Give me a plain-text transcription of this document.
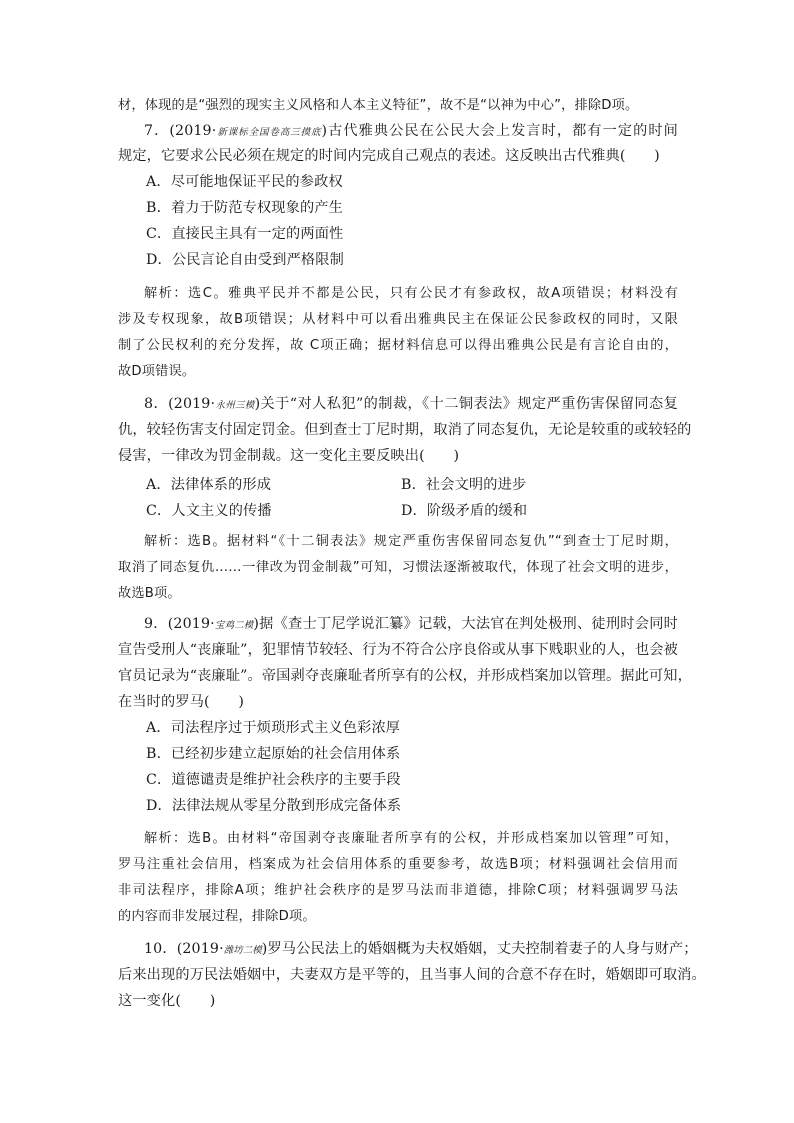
材，体现的是“强烈的现实主义风格和人本主义特征”，故不是“以神为中心”，排除D项。
7．(2019·新课标全国卷高三摸底)古代雅典公民在公民大会上发言时，都有一定的时间
规定，它要求公民必须在规定的时间内完成自己观点的表述。这反映出古代雅典(　　)
A．尽可能地保证平民的参政权
B．着力于防范专权现象的产生
C．直接民主具有一定的两面性
D．公民言论自由受到严格限制
解析：选C。雅典平民并不都是公民，只有公民才有参政权，故A项错误；材料没有
涉及专权现象，故B项错误；从材料中可以看出雅典民主在保证公民参政权的同时，又限
制了公民权利的充分发挥，故 C项正确；据材料信息可以得出雅典公民是有言论自由的，
故D项错误。
8．(2019·永州三模)关于“对人私犯”的制裁，《十二铜表法》规定严重伤害保留同态复
仇，较轻伤害支付固定罚金。但到查士丁尼时期，取消了同态复仇，无论是较重的或较轻的
侵害，一律改为罚金制裁。这一变化主要反映出(　　)
A．法律体系的形成	B．社会文明的进步
C．人文主义的传播	D．阶级矛盾的缓和
解析：选B。据材料“《十二铜表法》规定严重伤害保留同态复仇”“到查士丁尼时期，
取消了同态复仇……一律改为罚金制裁”可知，习惯法逐渐被取代，体现了社会文明的进步，
故选B项。
9．(2019·宝鸡二模)据《查士丁尼学说汇纂》记载，大法官在判处极刑、徒刑时会同时
宣告受刑人“丧廉耻”，犯罪情节较轻、行为不符合公序良俗或从事下贱职业的人，也会被
官员记录为“丧廉耻”。帝国剥夺丧廉耻者所享有的公权，并形成档案加以管理。据此可知，
在当时的罗马(　　)
A．司法程序过于烦琐形式主义色彩浓厚
B．已经初步建立起原始的社会信用体系
C．道德谴责是维护社会秩序的主要手段
D．法律法规从零星分散到形成完备体系
解析：选B。由材料“帝国剥夺丧廉耻者所享有的公权，并形成档案加以管理”可知，
罗马注重社会信用，档案成为社会信用体系的重要参考，故选B项；材料强调社会信用而
非司法程序，排除A项；维护社会秩序的是罗马法而非道德，排除C项；材料强调罗马法
的内容而非发展过程，排除D项。
10．(2019·潍坊二模)罗马公民法上的婚姻概为夫权婚姻，丈夫控制着妻子的人身与财产；
后来出现的万民法婚姻中，夫妻双方是平等的，且当事人间的合意不存在时，婚姻即可取消。
这一变化(　　)
